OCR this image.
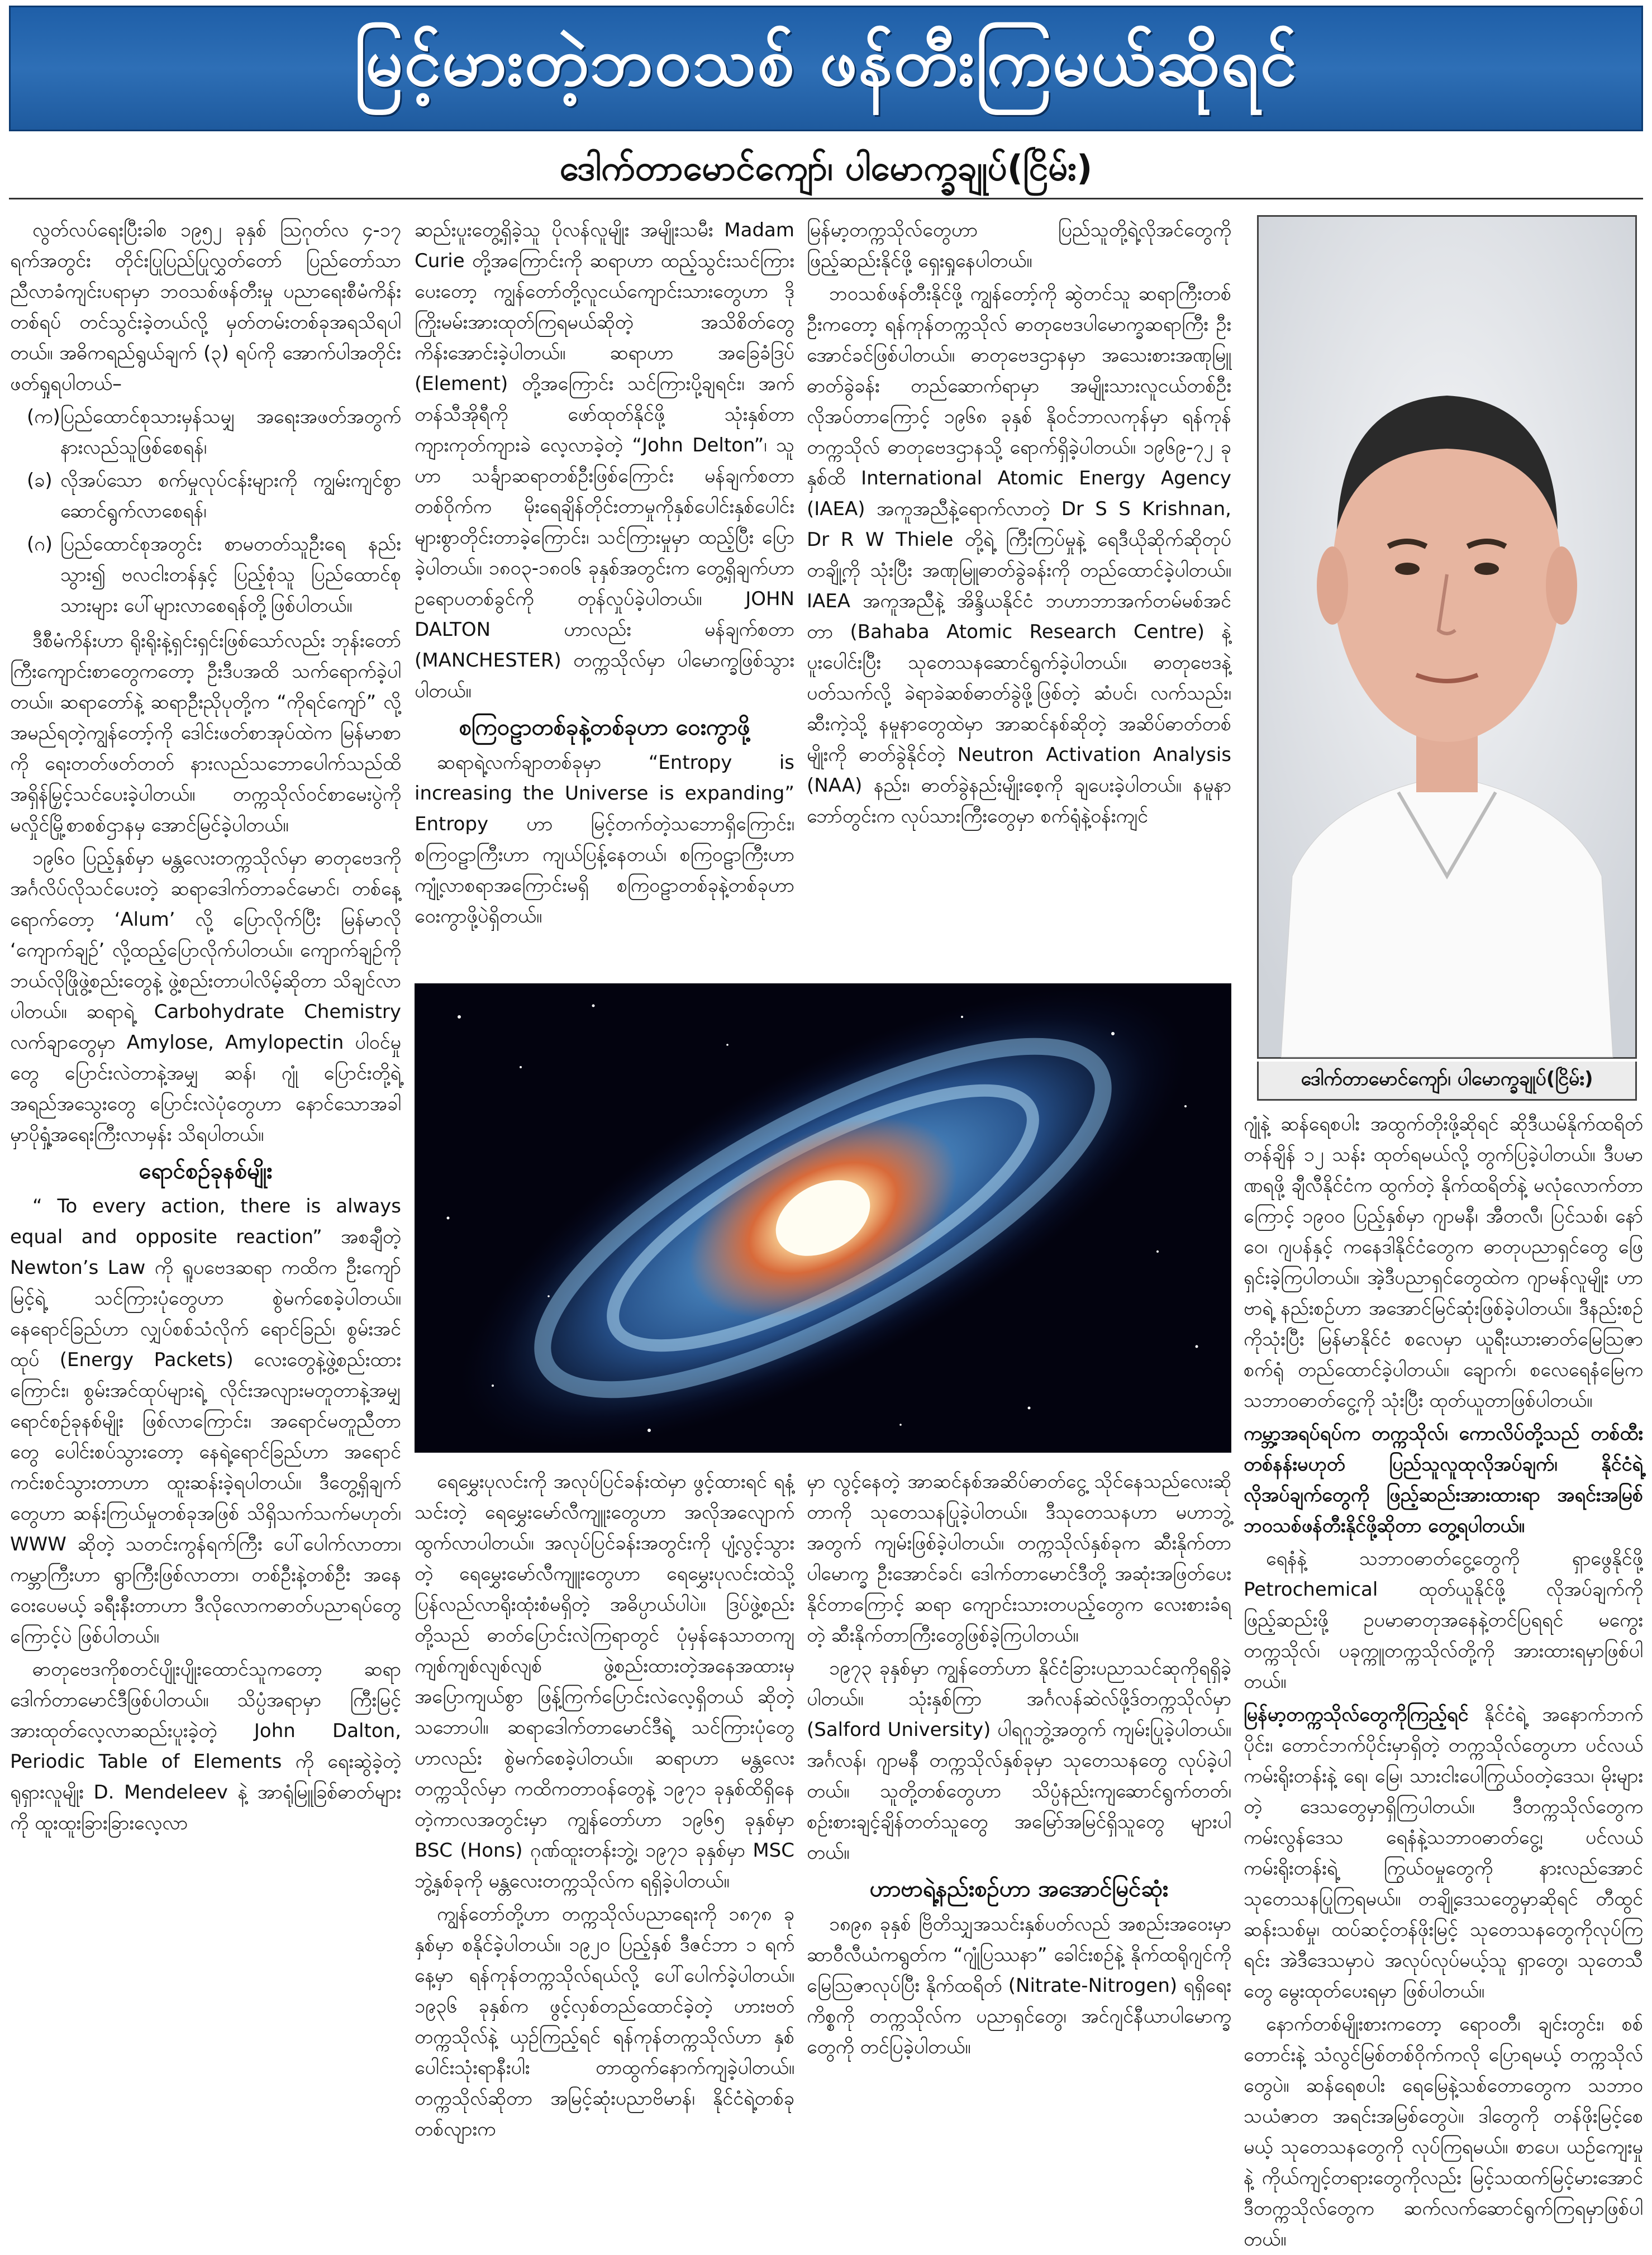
မြင့်မားတဲ့ဘဝသစ် ဖန်တီးကြမယ်ဆိုရင်
ဒေါက်တာမောင်ကျော်၊ ပါမောက္ခချုပ်(ငြိမ်း)

လွတ်လပ်ရေးပြီးခါစ ၁၉၅၂ ခုနှစ် ဩဂုတ်လ ၄-၁၇ ရက်အတွင်း တိုင်းပြုပြည်ပြုလွှတ်တော် ပြည်တော်သာညီလာခံကျင်းပရာမှာ ဘဝသစ်ဖန်တီးမှု ပညာရေးစီမံကိန်းတစ်ရပ် တင်သွင်းခဲ့တယ်လို့ မှတ်တမ်းတစ်ခုအရသိရပါတယ်။ အဓိကရည်ရွယ်ချက် (၃) ရပ်ကို အောက်ပါအတိုင်း ဖတ်ရှုရပါတယ်–

(က) ပြည်ထောင်စုသားမှန်သမျှ အရေးအဖတ်အတွက် နားလည်သူဖြစ်စေရန်၊
(ခ) လိုအပ်သော စက်မှုလုပ်ငန်းများကို ကျွမ်းကျင်စွာ ဆောင်ရွက်လာစေရန်၊
(ဂ) ပြည်ထောင်စုအတွင်း စာမတတ်သူဦးရေ နည်းသွား၍ ဗလငါးတန်နှင့် ပြည့်စုံသူ ပြည်ထောင်စုသားများ ပေါ်များလာစေရန်တို့ဖြစ်ပါတယ်။

ဒီစီမံကိန်းဟာ ရိုးရိုးနဲ့ရှင်းရှင်းဖြစ်သော်လည်း ဘုန်းတော်ကြီးကျောင်းစာတွေကတော့ ဦးဒီပအထိ သက်ရောက်ခဲ့ပါတယ်။ ဆရာတော်နဲ့ ဆရာဦးညိုပုတို့က “ကိုရင်ကျော်” လို့ အမည်ရတဲ့ကျွန်တော့်ကို ဒေါင်းဖတ်စာအုပ်ထဲက မြန်မာစာကို ရေးတတ်ဖတ်တတ် နားလည်သဘောပေါက်သည်ထိ အရှိန်မြှင့်သင်ပေးခဲ့ပါတယ်။ တက္ကသိုလ်ဝင်စာမေးပွဲကို မလှိုင်မြို့စာစစ်ဌာနမှ အောင်မြင်ခဲ့ပါတယ်။

၁၉၆၀ ပြည့်နှစ်မှာ မန္တလေးတက္ကသိုလ်မှာ ဓာတုဗေဒကို အင်္ဂလိပ်လိုသင်ပေးတဲ့ ဆရာဒေါက်တာခင်မောင်၊ တစ်နေ့ရောက်တော့ ‘Alum’ လို့ ပြောလိုက်ပြီး မြန်မာလို ‘ကျောက်ချဉ်’ လို့ထည့်ပြောလိုက်ပါတယ်။ ကျောက်ချဉ်ကို ဘယ်လိုဖြိုဖွဲ့စည်းတွေနဲ့ ဖွဲ့စည်းတာပါလိမ့်ဆိုတာ သိချင်လာပါတယ်။ ဆရာရဲ့ Carbohydrate Chemistry လက်ချာတွေမှာ Amylose, Amylopectin ပါဝင်မှုတွေ ပြောင်းလဲတာနဲ့အမျှ ဆန်၊ ဂျုံ ပြောင်းတို့ရဲ့ အရည်အသွေးတွေ ပြောင်းလဲပုံတွေဟာ နောင်သောအခါမှာပိုရှုံ့အရေးကြီးလာမှန်း သိရပါတယ်။

ရောင်စဉ်ခုနစ်မျိုး

“ To every action, there is always equal and opposite reaction” အစချီတဲ့ Newton’s Law ကို ရူပဗေဒဆရာ ကထိက ဦးကျော်မြင့်ရဲ့ သင်ကြားပုံတွေဟာ စွဲမက်စေခဲ့ပါတယ်။ နေရောင်ခြည်ဟာ လျှပ်စစ်သံလိုက် ရောင်ခြည်၊ စွမ်းအင်ထုပ် (Energy Packets) လေးတွေနဲ့ဖွဲ့စည်းထားကြောင်း၊ စွမ်းအင်ထုပ်များရဲ့ လိုင်းအလျားမတူတာနဲ့အမျှ ရောင်စဉ်ခုနစ်မျိုး ဖြစ်လာကြောင်း၊ အရောင်မတူညီတာတွေ ပေါင်းစပ်သွားတော့ နေရဲ့ရောင်ခြည်ဟာ အရောင်ကင်းစင်သွားတာဟာ ထူးဆန်းခဲ့ရပါတယ်။ ဒီတွေ့ရှိချက်တွေဟာ ဆန်းကြယ်မှုတစ်ခုအဖြစ် သိရှိသက်သက်မဟုတ်၊ WWW ဆိုတဲ့ သတင်းကွန်ရက်ကြီး ပေါ်ပေါက်လာတာ၊ ကမ္ဘာကြီးဟာ ရွာကြီးဖြစ်လာတာ၊ တစ်ဦးနဲ့တစ်ဦး အနေဝေးပေမယ့် ခရီးနီးတာဟာ ဒီလိုလောကဓာတ်ပညာရပ်တွေကြောင့်ပဲ ဖြစ်ပါတယ်။

ဓာတုဗေဒကိုစတင်ပျိုးပျိုးထောင်သူကတော့ ဆရာဒေါက်တာမောင်ဒီဖြစ်ပါတယ်။ သိပ္ပံအရာမှာ ကြီးမြင့်အားထုတ်လေ့လာဆည်းပူးခဲ့တဲ့ John Dalton, Periodic Table of Elements ကို ရေးဆွဲခဲ့တဲ့ ရုရှားလူမျိုး D. Mendeleev နဲ့ အာရုံမြူခြစ်ဓာတ်များကို ထူးထူးခြားခြားလေ့လာ

ဆည်းပူးတွေ့ရှိခဲ့သူ ပိုလန်လူမျိုး အမျိုးသမီး Madam Curie တို့အကြောင်းကို ဆရာဟာ ထည့်သွင်းသင်ကြားပေးတော့ ကျွန်တော်တို့လူငယ်ကျောင်းသားတွေဟာ ဒိုကြိုးမမ်းအားထုတ်ကြရမယ်ဆိုတဲ့ အသိစိတ်တွေ ကိန်းအောင်းခဲ့ပါတယ်။ ဆရာဟာ အခြေခံဒြပ် (Element) တို့အကြောင်း သင်ကြားပို့ချရင်း၊ အက်တန်သီအိုရီကို ဖော်ထုတ်နိုင်ဖို့ သုံးနှစ်တာကျားကုတ်ကျားခဲ လေ့လာခဲ့တဲ့ “John Delton”၊ သူဟာ သင်္ချာဆရာတစ်ဦးဖြစ်ကြောင်း မန်ချက်စတာ တစ်ဝိုက်က မိုးရေချိန်တိုင်းတာမှုကိုနှစ်ပေါင်းနှစ်ပေါင်းများစွာတိုင်းတာခဲ့ကြောင်း၊ သင်ကြားမှုမှာ ထည့်ပြီး ပြောခဲ့ပါတယ်။ ၁၈၀၃-၁၈၀၆ ခုနှစ်အတွင်းက တွေ့ရှိချက်ဟာ ဥရောပတစ်ခွင်ကို တုန်လှုပ်ခဲ့ပါတယ်။ JOHN DALTON ဟာလည်း မန်ချက်စတာ (MANCHESTER) တက္ကသိုလ်မှာ ပါမောက္ခဖြစ်သွားပါတယ်။

စကြဝဠာတစ်ခုနဲ့တစ်ခုဟာ ဝေးကွာဖို့

ဆရာရဲ့လက်ချာတစ်ခုမှာ “Entropy is increasing the Universe is expanding” Entropy ဟာ မြင့်တက်တဲ့သဘောရှိကြောင်း၊ စကြဝဠာကြီးဟာ ကျယ်ပြန့်နေတယ်၊ စကြဝဠာကြီးဟာ ကျုံ့လာစရာအကြောင်းမရှိ စကြဝဠာတစ်ခုနဲ့တစ်ခုဟာ ဝေးကွာဖို့ပဲရှိတယ်။

မြန်မာ့တက္ကသိုလ်တွေဟာ ပြည်သူတို့ရဲ့လိုအင်တွေကို ဖြည့်ဆည်းနိုင်ဖို့ ရှေးရှုနေပါတယ်။

ဘဝသစ်ဖန်တီးနိုင်ဖို့ ကျွန်တော့်ကို ဆွဲတင်သူ ဆရာကြီးတစ်ဦးကတော့ ရန်ကုန်တက္ကသိုလ် ဓာတုဗေဒပါမောက္ခဆရာကြီး ဦးအောင်ခင်ဖြစ်ပါတယ်။ ဓာတုဗေဒဌာနမှာ အသေးစားအဏုမြူဓာတ်ခွဲခန်း တည်ဆောက်ရာမှာ အမျိုးသားလူငယ်တစ်ဦး လိုအပ်တာကြောင့် ၁၉၆၈ ခုနှစ် နိုဝင်ဘာလကုန်မှာ ရန်ကုန်တက္ကသိုလ် ဓာတုဗေဒဌာနသို့ ရောက်ရှိခဲ့ပါတယ်။ ၁၉၆၉-၇၂ ခုနှစ်ထိ International Atomic Energy Agency (IAEA) အကူအညီနဲ့ရောက်လာတဲ့ Dr S S Krishnan, Dr R W Thiele တို့ရဲ့ ကြီးကြပ်မှုနဲ့ ရေဒီယိုဆိုက်ဆိုတုပ်တချို့ကို သုံးပြီး အဏုမြူဓာတ်ခွဲခန်းကို တည်ထောင်ခဲ့ပါတယ်။ IAEA အကူအညီနဲ့ အိန္ဒိယနိုင်ငံ ဘဟာဘာအက်တမ်မစ်အင်တာ (Bahaba Atomic Research Centre) နဲ့ ပူးပေါင်းပြီး သုတေသနဆောင်ရွက်ခဲ့ပါတယ်။ ဓာတုဗေဒနဲ့ပတ်သက်လို့ ခဲရာခဲဆစ်ဓာတ်ခွဲဖို့ဖြစ်တဲ့ ဆံပင်၊ လက်သည်း၊ ဆီးကဲ့သို့ နမူနာတွေထဲမှာ အာဆင်နစ်ဆိုတဲ့ အဆိပ်ဓာတ်တစ်မျိုးကို ဓာတ်ခွဲနိုင်တဲ့ Neutron Activation Analysis (NAA) နည်း၊ ဓာတ်ခွဲနည်းမျိုးစေ့ကို ချပေးခဲ့ပါတယ်။ နမူနာ ဘော်တွင်းက လုပ်သားကြီးတွေမှာ စက်ရုံနဲ့ဝန်းကျင်

ဒေါက်တာမောင်ကျော်၊ ပါမောက္ခချုပ်(ငြိမ်း)

ရေမွှေးပုလင်းကို အလုပ်ပြင်ခန်းထဲမှာ ဖွင့်ထားရင် ရနံ့သင်းတဲ့ ရေမွှေးမော်လီကျူးတွေဟာ အလိုအလျောက် ထွက်လာပါတယ်။ အလုပ်ပြင်ခန်းအတွင်းကို ပျံ့လွင့်သွားတဲ့ ရေမွှေးမော်လီကျူးတွေဟာ ရေမွှေးပုလင်းထဲသို့ ပြန်လည်လာရိုးထုံးစံမရှိတဲ့ အဓိပ္ပာယ်ပါပဲ။ ဒြပ်ဖွဲ့စည်းတို့သည် ဓာတ်ပြောင်းလဲကြရာတွင် ပုံမှန်နေသာတကျ ကျစ်ကျစ်လျစ်လျစ် ဖွဲ့စည်းထားတဲ့အနေအထားမှ အပြောကျယ်စွာ ဖြန့်ကြက်ပြောင်းလဲလေ့ရှိတယ် ဆိုတဲ့သဘောပါ။ ဆရာဒေါက်တာမောင်ဒီရဲ့ သင်ကြားပုံတွေဟာလည်း စွဲမက်စေခဲ့ပါတယ်။ ဆရာဟာ မန္တလေးတက္ကသိုလ်မှာ ကထိကတာဝန်တွေနဲ့ ၁၉၇၁ ခုနှစ်ထိရှိနေတဲ့ကာလအတွင်းမှာ ကျွန်တော်ဟာ ၁၉၆၅ ခုနှစ်မှာ BSC (Hons) ဂုဏ်ထူးတန်းဘွဲ့၊ ၁၉၇၁ ခုနှစ်မှာ MSC ဘွဲ့နှစ်ခုကို မန္တလေးတက္ကသိုလ်က ရရှိခဲ့ပါတယ်။

ကျွန်တော်တို့ဟာ တက္ကသိုလ်ပညာရေးကို ၁၈၇၈ ခုနှစ်မှာ စနိုင်ခဲ့ပါတယ်။ ၁၉၂၀ ပြည့်နှစ် ဒီဇင်ဘာ ၁ ရက်နေ့မှာ ရန်ကုန်တက္ကသိုလ်ရယ်လို့ ပေါ်ပေါက်ခဲ့ပါတယ်။ ၁၉၃၆ ခုနှစ်က ဖွင့်လှစ်တည်ထောင်ခဲ့တဲ့ ဟားဗတ်တက္ကသိုလ်နဲ့ ယှဉ်ကြည့်ရင် ရန်ကုန်တက္ကသိုလ်ဟာ နှစ်ပေါင်းသုံးရာနီးပါး တာထွက်နောက်ကျခဲ့ပါတယ်။ တက္ကသိုလ်ဆိုတာ အမြင့်ဆုံးပညာဗိမာန်၊ နိုင်ငံရဲ့တစ်ခုတစ်လျားက

မှာ လွင့်နေတဲ့ အာဆင်နစ်အဆိပ်ဓာတ်ငွေ့ သိုင်နေသည်လေးဆိုတာကို သုတေသနပြုခဲ့ပါတယ်။ ဒီသုတေသနဟာ မဟာဘွဲ့အတွက် ကျမ်းဖြစ်ခဲ့ပါတယ်။ တက္ကသိုလ်နှစ်ခုက ဆီးနိုက်တာပါမောက္ခ ဦးအောင်ခင်၊ ဒေါက်တာမောင်ဒီတို့ အဆုံးအဖြတ်ပေးနိုင်တာကြောင့် ဆရာ ကျောင်းသားတပည့်တွေက လေးစားခံရတဲ့ ဆီးနိုက်တာကြီးတွေဖြစ်ခဲ့ကြပါတယ်။

၁၉၇၃ ခုနှစ်မှာ ကျွန်တော်ဟာ နိုင်ငံခြားပညာသင်ဆုကိုရရှိခဲ့ပါတယ်။ သုံးနှစ်ကြာ အင်္ဂလန်ဆဲလ်ဖို့ဒ်တက္ကသိုလ်မှာ (Salford University) ပါရဂူဘွဲ့အတွက် ကျမ်းပြုခဲ့ပါတယ်။ အင်္ဂလန်၊ ဂျာမနီ တက္ကသိုလ်နှစ်ခုမှာ သုတေသနတွေ လုပ်ခဲ့ပါတယ်။ သူတို့တစ်တွေဟာ သိပ္ပံနည်းကျဆောင်ရွက်တတ်၊ စဉ်းစားချင့်ချိန်တတ်သူတွေ အမြော်အမြင်ရှိသူတွေ များပါတယ်။

ဟာဗာရဲ့နည်းစဉ်ဟာ အအောင်မြင်ဆုံး

၁၈၉၈ ခုနှစ် ဗြိတိသျှအသင်းနှစ်ပတ်လည် အစည်းအဝေးမှာ ဆာဝီလီယံကရွတ်က “ဂျုံပြဿနာ” ခေါင်းစဉ်နဲ့ နိုက်ထရိုဂျင်ကို မြေဩဇာလုပ်ပြီး နိုက်ထရိတ် (Nitrate-Nitrogen) ရရှိရေးကိစ္စကို တက္ကသိုလ်က ပညာရှင်တွေ၊ အင်ဂျင်နီယာပါမောက္ခတွေကို တင်ပြခဲ့ပါတယ်။

ဂျုံနဲ့ ဆန်ရေစပါး အထွက်တိုးဖို့ဆိုရင် ဆိုဒီယမ်နိုက်ထရိတ်တန်ချိန် ၁၂ သန်း ထုတ်ရမယ်လို့ တွက်ပြခဲ့ပါတယ်။ ဒီပမာဏရဖို့ ချီလီနိုင်ငံက ထွက်တဲ့ နိုက်ထရိတ်နဲ့ မလုံလောက်တာကြောင့် ၁၉၀၀ ပြည့်နှစ်မှာ ဂျာမနီ၊ အီတလီ၊ ပြင်သစ်၊ နော်ဝေ၊ ဂျပန်နှင့် ကနေဒါနိုင်ငံတွေက ဓာတုပညာရှင်တွေ ဖြေရှင်းခဲ့ကြပါတယ်။ အဲ့ဒီပညာရှင်တွေထဲက ဂျာမန်လူမျိုး ဟာဗာရဲ့ နည်းစဉ်ဟာ အအောင်မြင်ဆုံးဖြစ်ခဲ့ပါတယ်။ ဒီနည်းစဉ်ကိုသုံးပြီး မြန်မာနိုင်ငံ စလေမှာ ယူရီးယားဓာတ်မြေဩဇာစက်ရုံ တည်ထောင်ခဲ့ပါတယ်။ ချောက်၊ စလေရေနံမြေက သဘာဝဓာတ်ငွေ့ကို သုံးပြီး ထုတ်ယူတာဖြစ်ပါတယ်။

ကမ္ဘာ့အရပ်ရပ်က တက္ကသိုလ်၊ ကောလိပ်တို့သည် တစ်ထီးတစ်နန်းမဟုတ် ပြည်သူလူထုလိုအပ်ချက်၊ နိုင်ငံရဲ့လိုအပ်ချက်တွေကို ဖြည့်ဆည်းအားထားရာ အရင်းအမြစ်ဘဝသစ်ဖန်တီးနိုင်ဖို့ဆိုတာ တွေ့ရပါတယ်။

ရေနံနဲ့ သဘာဝဓာတ်ငွေ့တွေကို ရှာဖွေနိုင်ဖို့ Petrochemical ထုတ်ယူနိုင်ဖို့ လိုအပ်ချက်ကို ဖြည့်ဆည်းဖို့ ဥပမာဓာတုအနေနဲ့တင်ပြရရင် မကွေးတက္ကသိုလ်၊ ပခုက္ကူတက္ကသိုလ်တို့ကို အားထားရမှာဖြစ်ပါတယ်။

မြန်မာ့တက္ကသိုလ်တွေကိုကြည့်ရင် နိုင်ငံရဲ့ အနောက်ဘက်ပိုင်း၊ တောင်ဘက်ပိုင်းမှာရှိတဲ့ တက္ကသိုလ်တွေဟာ ပင်လယ်ကမ်းရိုးတန်းနဲ့ ရေ၊ မြေ၊ သားငါးပေါကြွယ်ဝတဲ့ဒေသ၊ မိုးများတဲ့ ဒေသတွေမှာရှိကြပါတယ်။ ဒီတက္ကသိုလ်တွေက ကမ်းလွန်ဒေသ ရေနံနဲ့သဘာဝဓာတ်ငွေ့၊ ပင်လယ်ကမ်းရိုးတန်းရဲ့ ကြွယ်ဝမှုတွေကို နားလည်အောင် သုတေသနပြုကြရမယ်။ တချို့ဒေသတွေမှာဆိုရင် တီထွင်ဆန်းသစ်မှု၊ ထပ်ဆင့်တန်ဖိုးမြင့် သုတေသနတွေကိုလုပ်ကြရင်း အဲဒီဒေသမှာပဲ အလုပ်လုပ်မယ့်သူ ရှာတွေ၊ သုတေသီတွေ မွေးထုတ်ပေးရမှာ ဖြစ်ပါတယ်။

နောက်တစ်မျိုးစားကတော့ ရောဝတီ၊ ချင်းတွင်း၊ စစ်တောင်းနဲ့ သံလွင်မြစ်တစ်ဝိုက်ကလို ပြောရမယ့် တက္ကသိုလ်တွေပဲ။ ဆန်ရေစပါး ရေမြေနဲ့သစ်တောတွေက သဘာဝသယံဇာတ အရင်းအမြစ်တွေပဲ။ ဒါတွေကို တန်ဖိုးမြင့်စေမယ့် သုတေသနတွေကို လုပ်ကြရမယ်။ စာပေ၊ ယဉ်ကျေးမှုနဲ့ ကိုယ်ကျင့်တရားတွေကိုလည်း မြင့်သထက်မြင့်မားအောင် ဒီတက္ကသိုလ်တွေက ဆက်လက်ဆောင်ရွက်ကြရမှာဖြစ်ပါတယ်။
